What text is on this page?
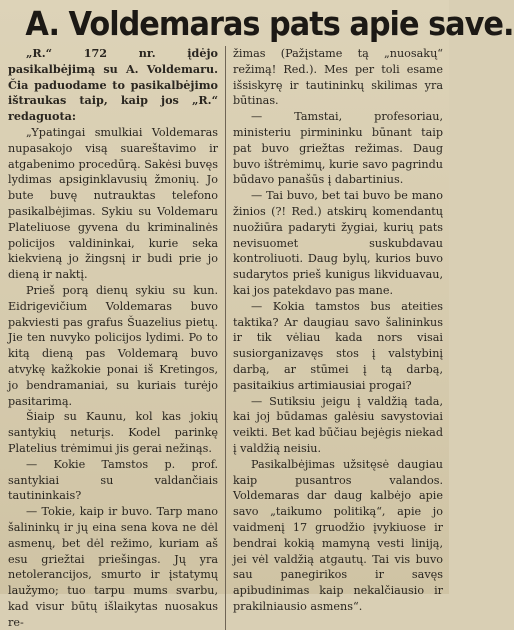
A. Voldemaras pats apie save.

„R.“ 172 nr. įdėjo pasikalbėjimą su A. Voldemaru. Čia paduodame to pasikalbėjimo ištraukas taip, kaip jos „R.“ redaguota:

„Ypatingai smulkiai Voldemaras nupasakojo visą suareštavimo ir atgabenimo procedūrą. Sakėsi buvęs lydimas apsiginklavusių žmonių. Jo bute buvę nutrauktas telefono pasikalbėjimas. Sykiu su Voldemaru Plateliuose gyvena du kriminalinės policijos valdininkai, kurie seka kiekvieną jo žingsnį ir budi prie jo dieną ir naktį.

Prieš porą dienų sykiu su kun. Eidrigevičium Voldemaras buvo pakviesti pas grafus Šuazelius pietų. Jie ten nuvyko policijos lydimi. Po to kitą dieną pas Voldemarą buvo atvykę kažkokie ponai iš Kretingos, jo bendramaniai, su kuriais turėjo pasitarimą.

Šiaip su Kaunu, kol kas jokių santykių neturįs. Kodel parinkę Platelius trėmimui jis gerai nežinąs.

— Kokie Tamstos p. prof. santykiai su valdančiais tautininkais?

— Tokie, kaip ir buvo. Tarp mano šalininkų ir jų eina sena kova ne dėl asmenų, bet dėl režimo, kuriam aš esu griežtai priešingas. Jų yra netolerancijos, smurto ir įstatymų laužymo; tuo tarpu mums svarbu, kad visur būtų išlaikytas nuosakus re-

žimas (Pažįstame tą „nuosakų“ režimą! Red.). Mes per toli esame išsiskyrę ir tautininkų skilimas yra būtinas.

— Tamstai, profesoriau, ministeriu pirmininku būnant taip pat buvo griežtas režimas. Daug buvo ištrėmimų, kurie savo pagrindu būdavo panašūs į dabartinius.

— Tai buvo, bet tai buvo be mano žinios (?! Red.) atskirų komendantų nuožiūra padaryti žygiai, kurių pats nevisuomet suskubdavau kontroliuoti. Daug bylų, kurios buvo sudarytos prieš kunigus likviduavau, kai jos patekdavo pas mane.

— Kokia tamstos bus ateities taktika? Ar daugiau savo šalininkus ir tik vėliau kada nors visai susiorganizavęs stos į valstybinį darbą, ar stūmei į tą darbą, pasitaikius artimiausiai progai?

— Sutiksiu jeigu į valdžią tada, kai joj būdamas galėsiu savystoviai veikti. Bet kad būčiau bejėgis niekad į valdžią neisiu.

Pasikalbėjimas užsitęsė daugiau kaip pusantros valandos. Voldemaras dar daug kalbėjo apie savo „taikumo politiką“, apie jo vaidmenį 17 gruodžio įvykiuose ir bendrai kokią mamyną vesti liniją, jei vėl valdžią atgautų. Tai vis buvo sau panegirikos ir savęs apibudinimas kaip nekalčiausio ir prakilniausio asmens“.
